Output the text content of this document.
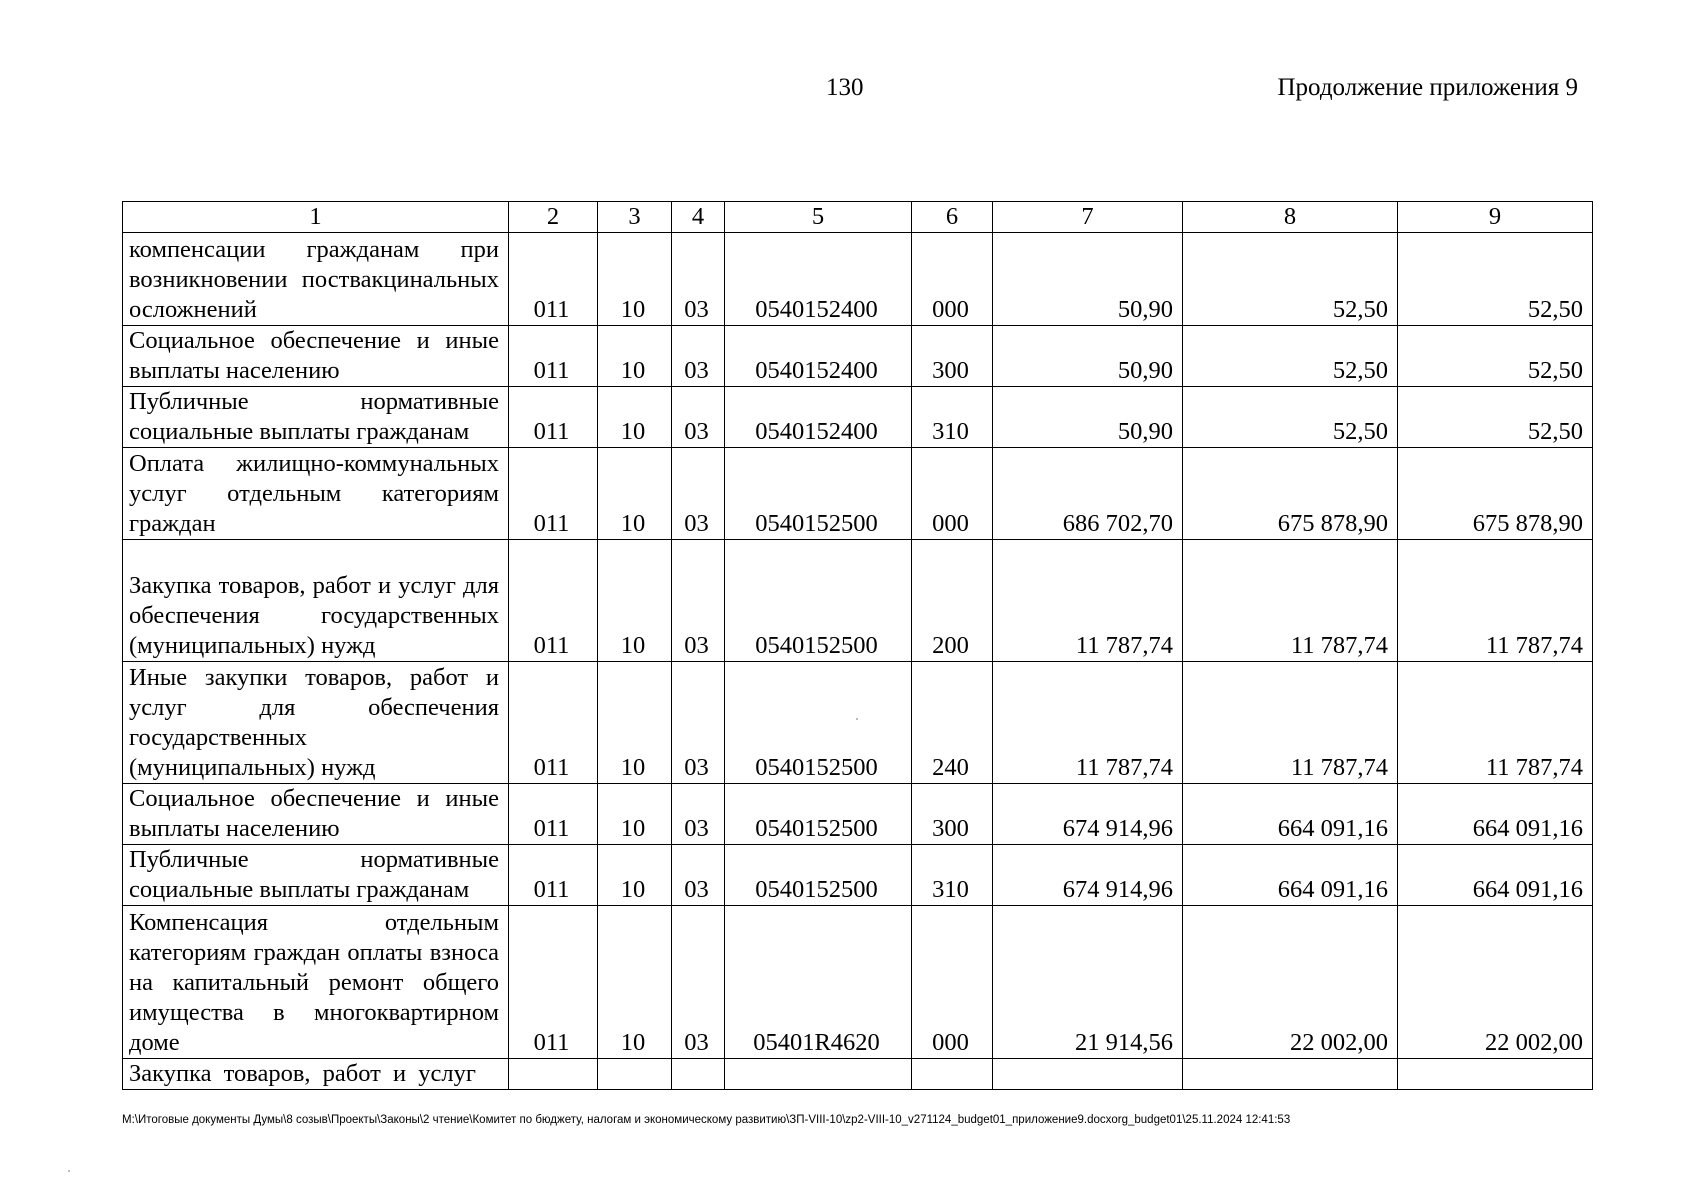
130	Продолжение приложения 9
1	2	3	4	5	6	7	8	9
компенсации гражданам при возникновении поствакцинальных осложнений	011	10	03	0540152400	000	50,90	52,50	52,50
Социальное обеспечение и иные выплаты населению	011	10	03	0540152400	300	50,90	52,50	52,50
Публичные нормативные социальные выплаты гражданам	011	10	03	0540152400	310	50,90	52,50	52,50
Оплата жилищно-коммунальных услуг отдельным категориям граждан	011	10	03	0540152500	000	686 702,70	675 878,90	675 878,90
Закупка товаров, работ и услуг для обеспечения государственных (муниципальных) нужд	011	10	03	0540152500	200	11 787,74	11 787,74	11 787,74
Иные закупки товаров, работ и услуг для обеспечения государственных (муниципальных) нужд	011	10	03	0540152500	240	11 787,74	11 787,74	11 787,74
Социальное обеспечение и иные выплаты населению	011	10	03	0540152500	300	674 914,96	664 091,16	664 091,16
Публичные нормативные социальные выплаты гражданам	011	10	03	0540152500	310	674 914,96	664 091,16	664 091,16
Компенсация отдельным категориям граждан оплаты взноса на капитальный ремонт общего имущества в многоквартирном доме	011	10	03	05401R4620	000	21 914,56	22 002,00	22 002,00
Закупка товаров, работ и услуг								
M:\Итоговые документы Думы\8 созыв\Проекты\Законы\2 чтение\Комитет по бюджету, налогам и экономическому развитию\ЗП-VIII-10\zp2-VIII-10_v271124_budget01_приложение9.docxorg_budget01\25.11.2024 12:41:53
